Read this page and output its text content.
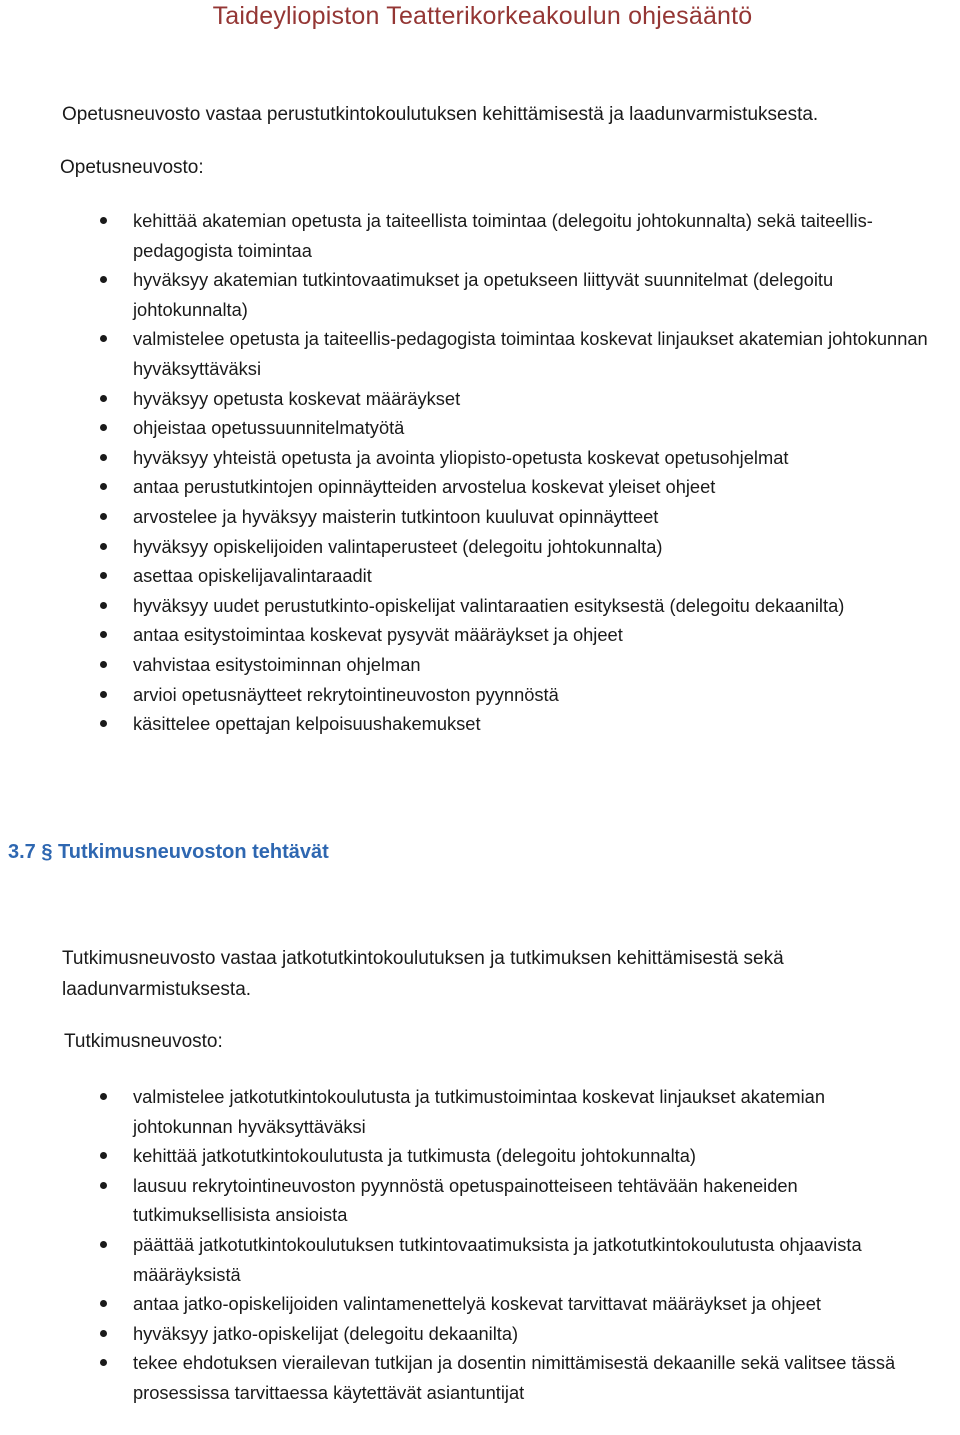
Taideyliopiston Teatterikorkeakoulun ohjesääntö
Opetusneuvosto vastaa perustutkintokoulutuksen kehittämisestä ja laadunvarmistuksesta.
Opetusneuvosto:
kehittää akatemian opetusta ja taiteellista toimintaa (delegoitu johtokunnalta) sekä taiteellis-pedagogista toimintaa
hyväksyy akatemian tutkintovaatimukset ja opetukseen liittyvät suunnitelmat (delegoitu johtokunnalta)
valmistelee opetusta ja taiteellis-pedagogista toimintaa koskevat linjaukset akatemian johtokunnan hyväksyttäväksi
hyväksyy opetusta koskevat määräykset
ohjeistaa opetussuunnitelmatyötä
hyväksyy yhteistä opetusta ja avointa yliopisto-opetusta koskevat opetusohjelmat
antaa perustutkintojen opinnäytteiden arvostelua koskevat yleiset ohjeet
arvostelee ja hyväksyy maisterin tutkintoon kuuluvat opinnäytteet
hyväksyy opiskelijoiden valintaperusteet (delegoitu johtokunnalta)
asettaa opiskelijavalintaraadit
hyväksyy uudet perustutkinto-opiskelijat valintaraatien esityksestä (delegoitu dekaanilta)
antaa esitystoimintaa koskevat pysyvät määräykset ja ohjeet
vahvistaa esitystoiminnan ohjelman
arvioi opetusnäytteet rekrytointineuvoston pyynnöstä
käsittelee opettajan kelpoisuushakemukset
3.7 § Tutkimusneuvoston tehtävät
Tutkimusneuvosto vastaa jatkotutkintokoulutuksen ja tutkimuksen kehittämisestä sekä laadunvarmistuksesta.
Tutkimusneuvosto:
valmistelee jatkotutkintokoulutusta ja tutkimustoimintaa koskevat linjaukset akatemian johtokunnan hyväksyttäväksi
kehittää jatkotutkintokoulutusta ja tutkimusta (delegoitu johtokunnalta)
lausuu rekrytointineuvoston pyynnöstä opetuspainotteiseen tehtävään hakeneiden tutkimuksellisista ansioista
päättää jatkotutkintokoulutuksen tutkintovaatimuksista ja jatkotutkintokoulutusta ohjaavista määräyksistä
antaa jatko-opiskelijoiden valintamenettelyä koskevat tarvittavat määräykset ja ohjeet
hyväksyy jatko-opiskelijat (delegoitu dekaanilta)
tekee ehdotuksen vierailevan tutkijan ja dosentin nimittämisestä dekaanille sekä valitsee tässä prosessissa tarvittaessa käytettävät asiantuntijat
